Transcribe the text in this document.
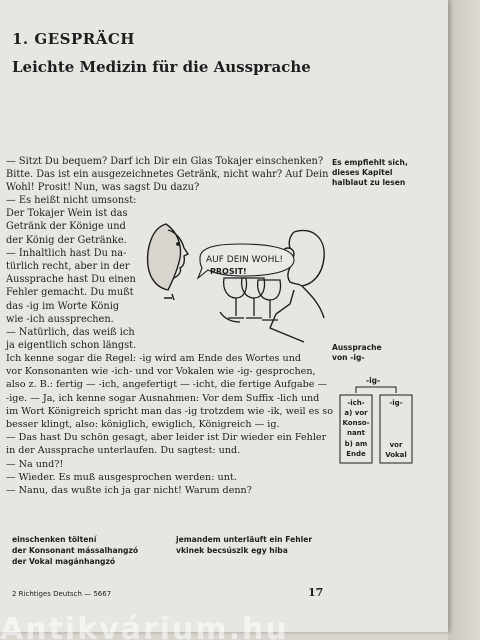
1. GESPRÄCH
Leichte Medizin für die Aussprache
— Sitzt Du bequem? Darf ich Dir ein Glas Tokajer einschenken?
Bitte. Das ist ein ausgezeichnetes Getränk, nicht wahr? Auf Dein
Wohl! Prosit! Nun, was sagst Du dazu?
— Es heißt nicht umsonst:
Der Tokajer Wein ist das
Getränk der Könige und
der König der Getränke.
— Inhaltlich hast Du na-
türlich recht, aber in der
Aussprache hast Du einen
Fehler gemacht. Du mußt
das -ig im Worte König
wie -ich aussprechen.
— Natürlich, das weiß ich
ja eigentlich schon längst.
Ich kenne sogar die Regel: -ig wird am Ende des Wortes und
vor Konsonanten wie -ich- und vor Vokalen wie -ig- gesprochen,
also z. B.: fertig — -ich, angefertigt — -icht, die fertige Aufgabe —
-ige. — Ja, ich kenne sogar Ausnahmen: Vor dem Suffix -lich und
im Wort Königreich spricht man das -ig trotzdem wie -ik, weil es so
besser klingt, also: königlich, ewiglich, Königreich — ig.
— Das hast Du schön gesagt, aber leider ist Dir wieder ein Fehler
in der Aussprache unterlaufen. Du sagtest: und.
— Na und?!
— Wieder. Es muß ausgesprochen werden: unt.
— Nanu, das wußte ich ja gar nicht! Warum denn?
AUF DEIN WOHL!
PROSIT!
Es empfiehlt sich,
dieses Kapitel
halblaut zu lesen
Aussprache
von -ig-
-ig-
-ich-
a) vor
Konso-
nant
b) am
Ende
-ig-
vor
Vokal
einschenken töltení
der Konsonant mássalhangzó
der Vokal magánhangzó
jemandem unterläuft ein Fehler
vkinek becsúszik egy hiba
2 Richtiges Deutsch — 5667	17
Antikvárium.hu
